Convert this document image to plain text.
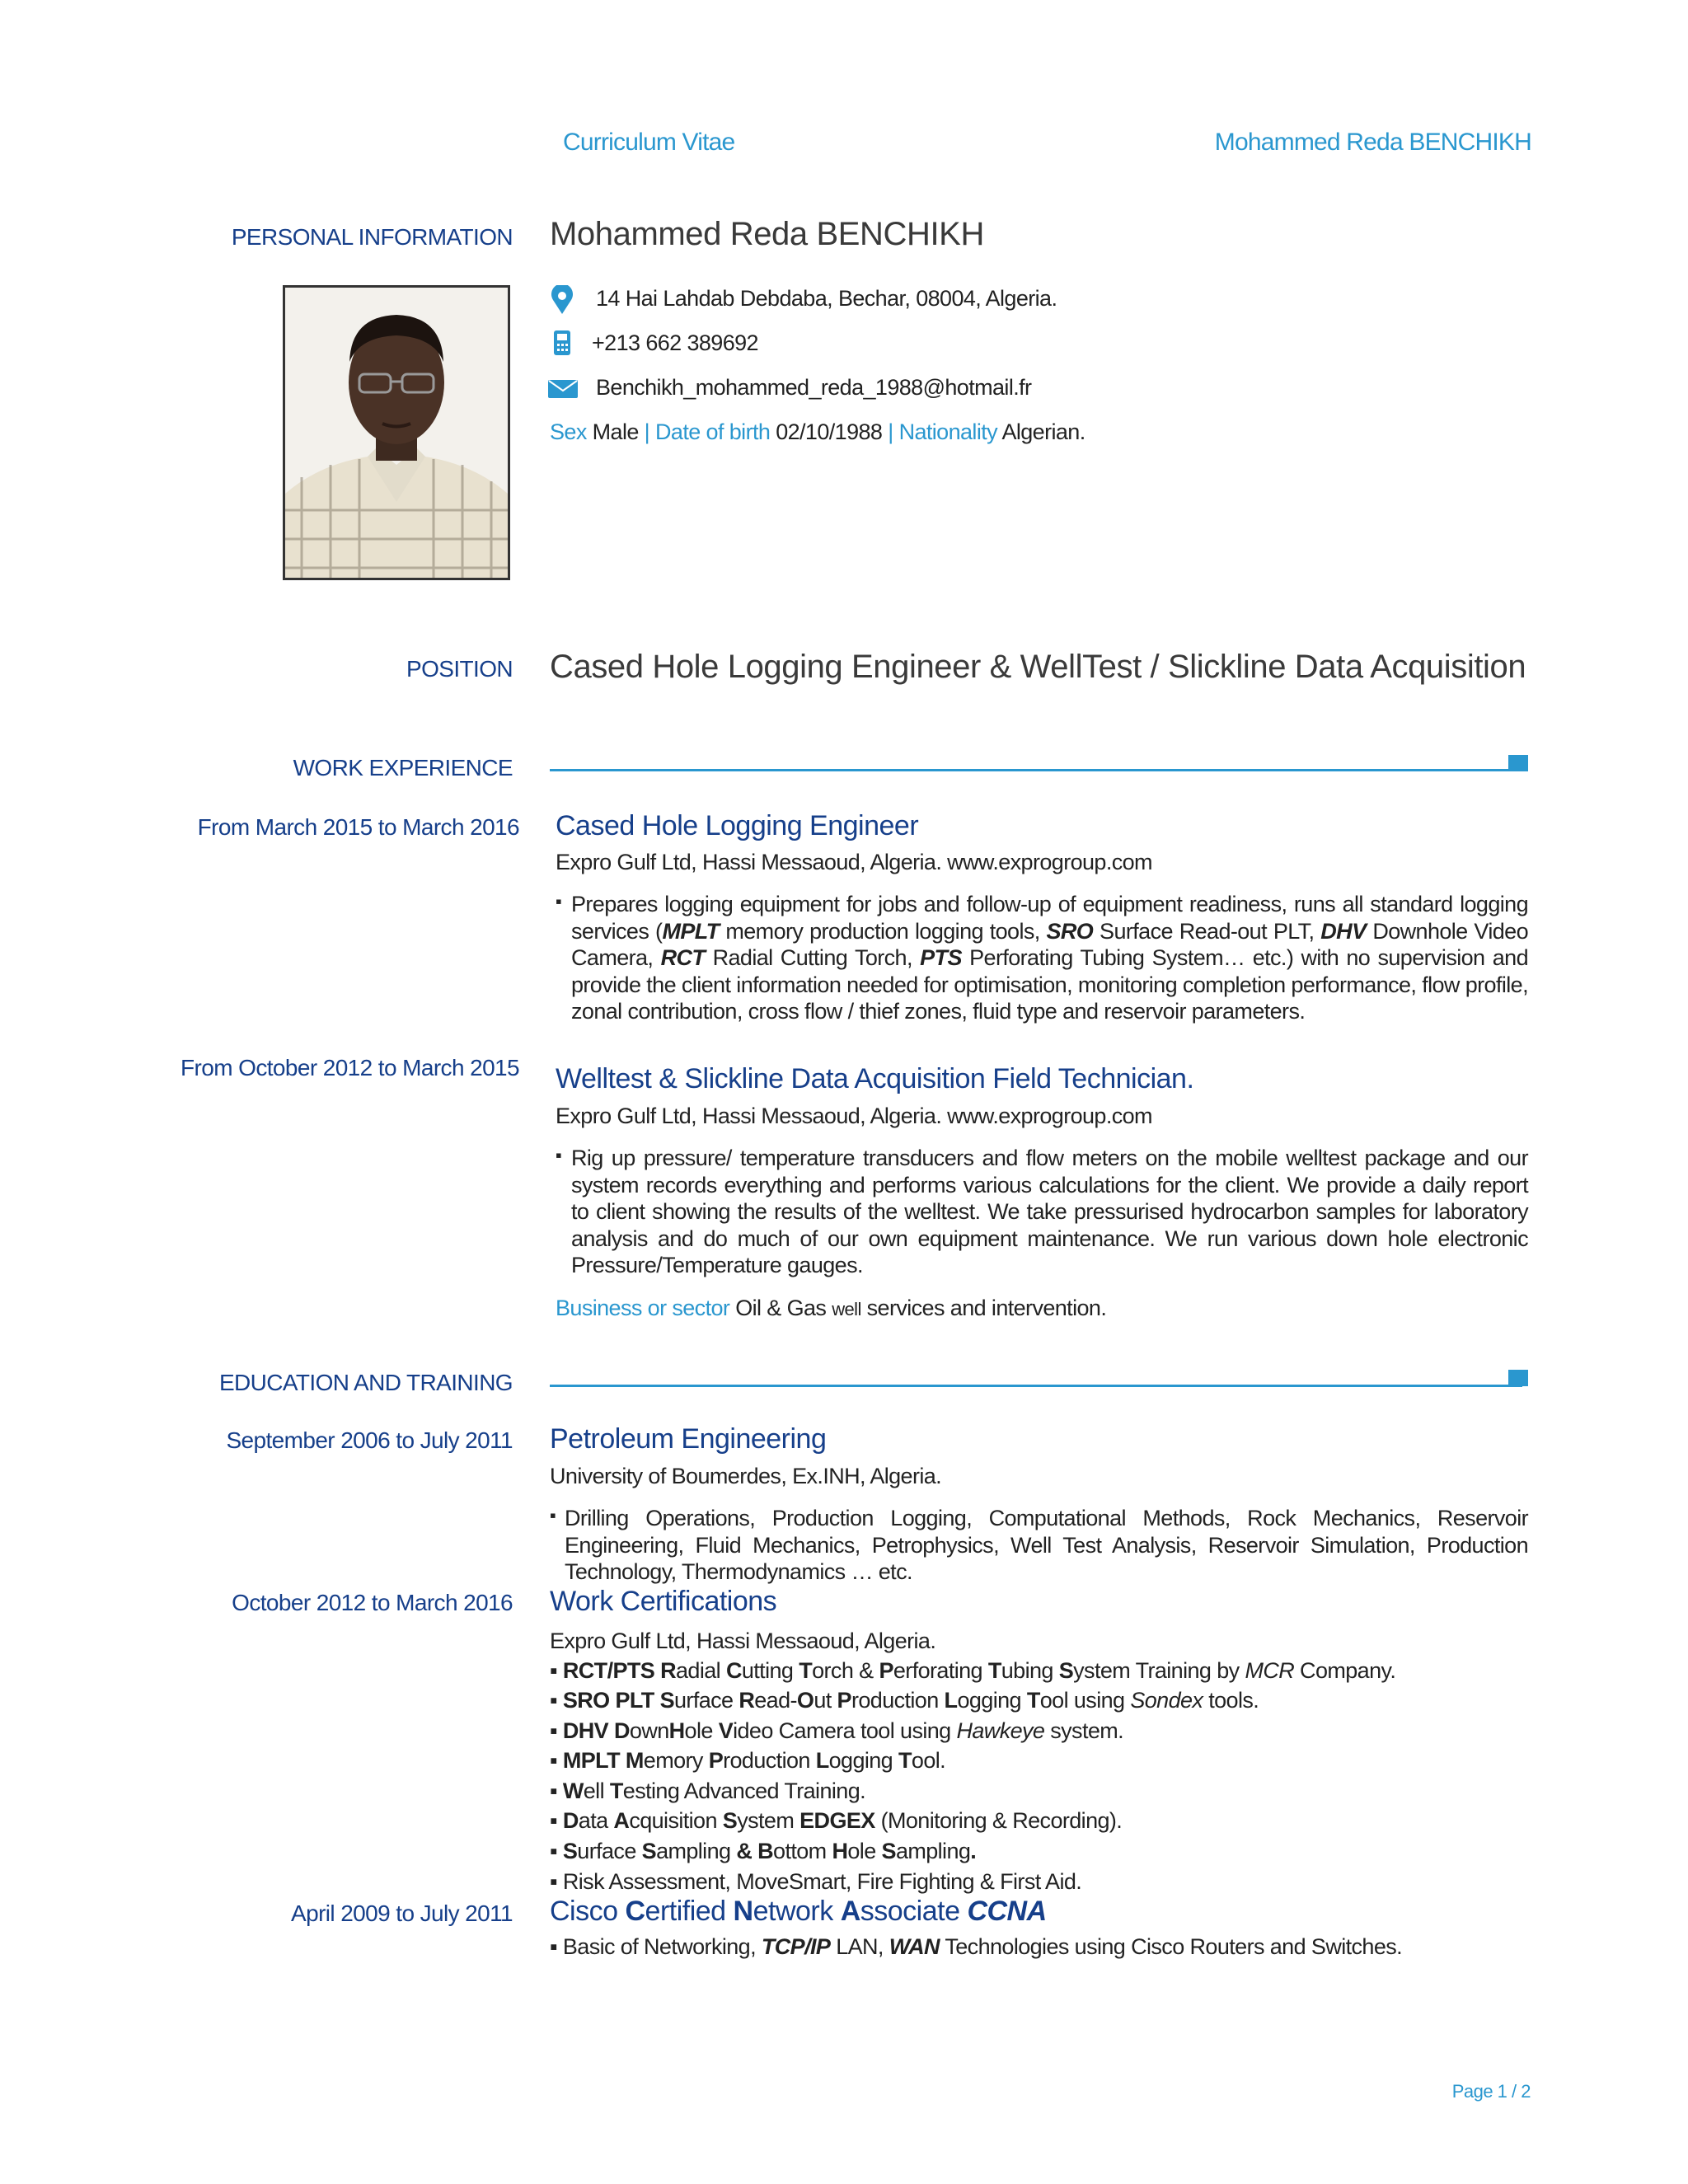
Curriculum Vitae	Mohammed Reda BENCHIKH
PERSONAL INFORMATION Mohammed Reda BENCHIKH
14 Hai Lahdab Debdaba, Bechar, 08004, Algeria.
+213 662 389692
Benchikh_mohammed_reda_1988@hotmail.fr
Sex Male | Date of birth 02/10/1988 | Nationality Algerian.
POSITION Cased Hole Logging Engineer & WellTest / Slickline Data Acquisition
WORK EXPERIENCE
From March 2015 to March 2016 Cased Hole Logging Engineer
Expro Gulf Ltd, Hassi Messaoud, Algeria. www.exprogroup.com
▪ Prepares logging equipment for jobs and follow-up of equipment readiness, runs all standard logging services (MPLT memory production logging tools, SRO Surface Read-out PLT, DHV Downhole Video Camera, RCT Radial Cutting Torch, PTS Perforating Tubing System… etc.) with no supervision and provide the client information needed for optimisation, monitoring completion performance, flow profile, zonal contribution, cross flow / thief zones, fluid type and reservoir parameters.
From October 2012 to March 2015 Welltest & Slickline Data Acquisition Field Technician.
Expro Gulf Ltd, Hassi Messaoud, Algeria. www.exprogroup.com
▪ Rig up pressure/ temperature transducers and flow meters on the mobile welltest package and our system records everything and performs various calculations for the client. We provide a daily report to client showing the results of the welltest. We take pressurised hydrocarbon samples for laboratory analysis and do much of our own equipment maintenance. We run various down hole electronic Pressure/Temperature gauges.
Business or sector Oil & Gas well services and intervention.
EDUCATION AND TRAINING
September 2006 to July 2011 Petroleum Engineering
University of Boumerdes, Ex.INH, Algeria.
▪ Drilling Operations, Production Logging, Computational Methods, Rock Mechanics, Reservoir Engineering, Fluid Mechanics, Petrophysics, Well Test Analysis, Reservoir Simulation, Production Technology, Thermodynamics … etc.
October 2012 to March 2016 Work Certifications
Expro Gulf Ltd, Hassi Messaoud, Algeria.
▪ RCT/PTS Radial Cutting Torch & Perforating Tubing System Training by MCR Company.
▪ SRO PLT Surface Read-Out Production Logging Tool using Sondex tools.
▪ DHV DownHole Video Camera tool using Hawkeye system.
▪ MPLT Memory Production Logging Tool.
▪ Well Testing Advanced Training.
▪ Data Acquisition System EDGEX (Monitoring & Recording).
▪ Surface Sampling & Bottom Hole Sampling.
▪ Risk Assessment, MoveSmart, Fire Fighting & First Aid.
April 2009 to July 2011 Cisco Certified Network Associate CCNA
▪ Basic of Networking, TCP/IP LAN, WAN Technologies using Cisco Routers and Switches.
Page 1 / 2
